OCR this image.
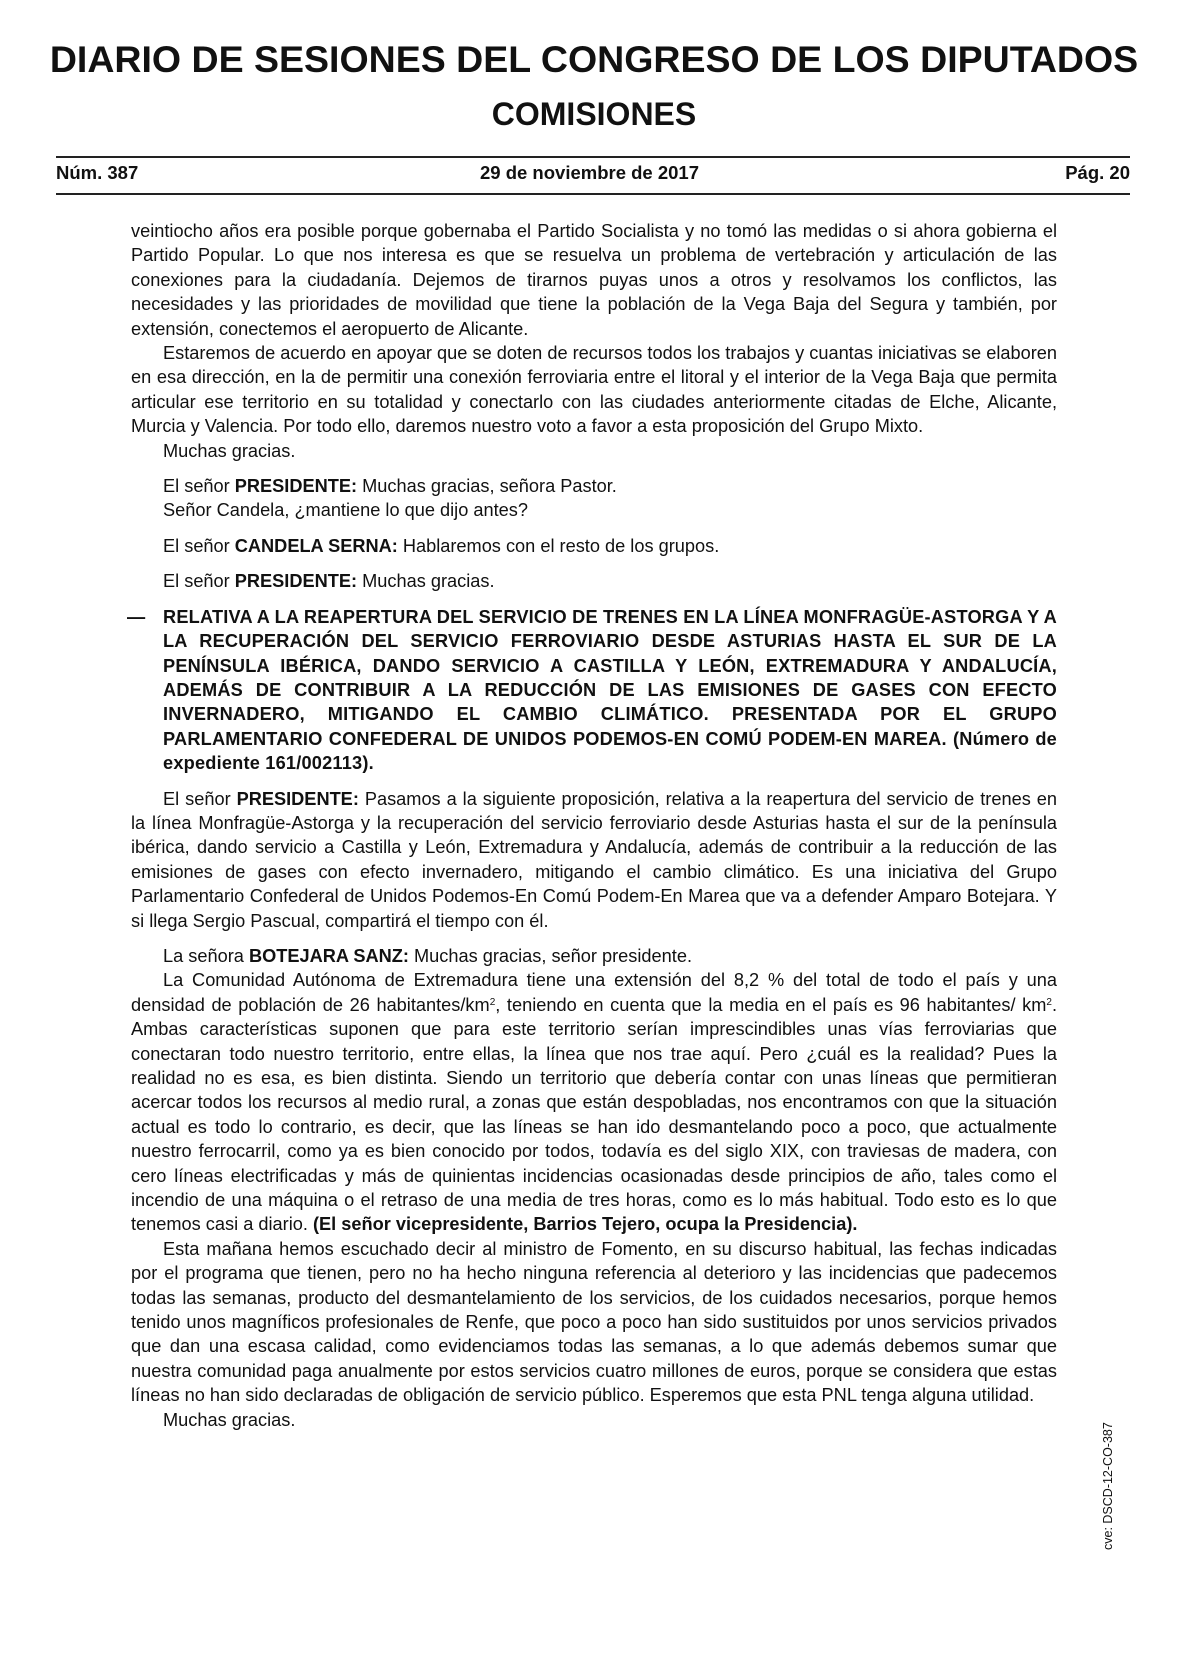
DIARIO DE SESIONES DEL CONGRESO DE LOS DIPUTADOS
COMISIONES
Núm. 387	29 de noviembre de 2017	Pág. 20

veintiocho años era posible porque gobernaba el Partido Socialista y no tomó las medidas o si ahora gobierna el Partido Popular. Lo que nos interesa es que se resuelva un problema de vertebración y articulación de las conexiones para la ciudadanía. Dejemos de tirarnos puyas unos a otros y resolvamos los conflictos, las necesidades y las prioridades de movilidad que tiene la población de la Vega Baja del Segura y también, por extensión, conectemos el aeropuerto de Alicante.

Estaremos de acuerdo en apoyar que se doten de recursos todos los trabajos y cuantas iniciativas se elaboren en esa dirección, en la de permitir una conexión ferroviaria entre el litoral y el interior de la Vega Baja que permita articular ese territorio en su totalidad y conectarlo con las ciudades anteriormente citadas de Elche, Alicante, Murcia y Valencia. Por todo ello, daremos nuestro voto a favor a esta proposición del Grupo Mixto.

Muchas gracias.

El señor PRESIDENTE: Muchas gracias, señora Pastor.

Señor Candela, ¿mantiene lo que dijo antes?

El señor CANDELA SERNA: Hablaremos con el resto de los grupos.

El señor PRESIDENTE: Muchas gracias.

— RELATIVA A LA REAPERTURA DEL SERVICIO DE TRENES EN LA LÍNEA MONFRAGÜE-ASTORGA Y A LA RECUPERACIÓN DEL SERVICIO FERROVIARIO DESDE ASTURIAS HASTA EL SUR DE LA PENÍNSULA IBÉRICA, DANDO SERVICIO A CASTILLA Y LEÓN, EXTREMADURA Y ANDALUCÍA, ADEMÁS DE CONTRIBUIR A LA REDUCCIÓN DE LAS EMISIONES DE GASES CON EFECTO INVERNADERO, MITIGANDO EL CAMBIO CLIMÁTICO. PRESENTADA POR EL GRUPO PARLAMENTARIO CONFEDERAL DE UNIDOS PODEMOS-EN COMÚ PODEM-EN MAREA. (Número de expediente 161/002113).

El señor PRESIDENTE: Pasamos a la siguiente proposición, relativa a la reapertura del servicio de trenes en la línea Monfragüe-Astorga y la recuperación del servicio ferroviario desde Asturias hasta el sur de la península ibérica, dando servicio a Castilla y León, Extremadura y Andalucía, además de contribuir a la reducción de las emisiones de gases con efecto invernadero, mitigando el cambio climático. Es una iniciativa del Grupo Parlamentario Confederal de Unidos Podemos-En Comú Podem-En Marea que va a defender Amparo Botejara. Y si llega Sergio Pascual, compartirá el tiempo con él.

La señora BOTEJARA SANZ: Muchas gracias, señor presidente.

La Comunidad Autónoma de Extremadura tiene una extensión del 8,2 % del total de todo el país y una densidad de población de 26 habitantes/$km^2$, teniendo en cuenta que la media en el país es 96 habitantes/ $km^2$. Ambas características suponen que para este territorio serían imprescindibles unas vías ferroviarias que conectaran todo nuestro territorio, entre ellas, la línea que nos trae aquí. Pero ¿cuál es la realidad? Pues la realidad no es esa, es bien distinta. Siendo un territorio que debería contar con unas líneas que permitieran acercar todos los recursos al medio rural, a zonas que están despobladas, nos encontramos con que la situación actual es todo lo contrario, es decir, que las líneas se han ido desmantelando poco a poco, que actualmente nuestro ferrocarril, como ya es bien conocido por todos, todavía es del siglo XIX, con traviesas de madera, con cero líneas electrificadas y más de quinientas incidencias ocasionadas desde principios de año, tales como el incendio de una máquina o el retraso de una media de tres horas, como es lo más habitual. Todo esto es lo que tenemos casi a diario. (El señor vicepresidente, Barrios Tejero, ocupa la Presidencia).

Esta mañana hemos escuchado decir al ministro de Fomento, en su discurso habitual, las fechas indicadas por el programa que tienen, pero no ha hecho ninguna referencia al deterioro y las incidencias que padecemos todas las semanas, producto del desmantelamiento de los servicios, de los cuidados necesarios, porque hemos tenido unos magníficos profesionales de Renfe, que poco a poco han sido sustituidos por unos servicios privados que dan una escasa calidad, como evidenciamos todas las semanas, a lo que además debemos sumar que nuestra comunidad paga anualmente por estos servicios cuatro millones de euros, porque se considera que estas líneas no han sido declaradas de obligación de servicio público. Esperemos que esta PNL tenga alguna utilidad.

Muchas gracias.

cve: DSCD-12-CO-387
